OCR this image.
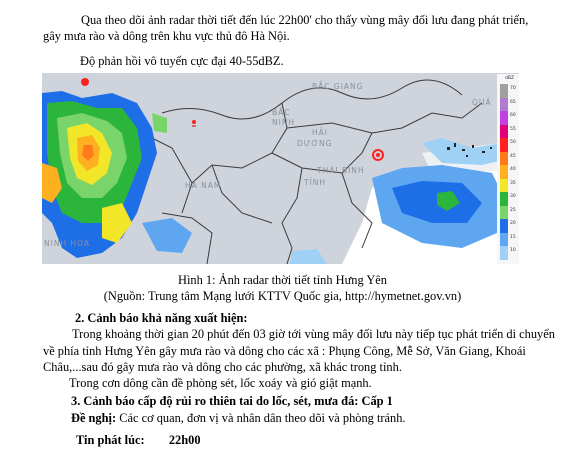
Qua theo dõi ảnh radar thời tiết đến lúc 22h00' cho thấy vùng mây đối lưu đang phát triển,
gây mưa rào và dông trên khu vực thủ đô Hà Nội.
Độ phản hồi vô tuyến cực đại 40-55dBZ.
BẮC GIANG
QUẢ
BẮC
NINH
HẢI
DƯƠNG
HÀ NAM
THÁI BÌNH
TỈNH
NINH HOÀ
dBZ
70
65
60
55
50
45
40
35
30
25
20
15
10
Hình 1: Ảnh radar thời tiết tỉnh Hưng Yên
(Nguồn: Trung tâm Mạng lưới KTTV Quốc gia, http://hymetnet.gov.vn)
2. Cảnh báo khả năng xuất hiện:
Trong khoảng thời gian 20 phút đến 03 giờ tới vùng mây đối lưu này tiếp tục phát triển di chuyển
về phía tỉnh Hưng Yên gây mưa rào và dông cho các xã : Phụng Công, Mễ Sở, Văn Giang, Khoái
Châu,...sau đó gây mưa rào và dông cho các phường, xã khác trong tỉnh.
Trong cơn dông cần đề phòng sét, lốc xoáy và gió giật mạnh.
3. Cảnh báo cấp độ rủi ro thiên tai do lốc, sét, mưa đá: Cấp 1
Đề nghị: Các cơ quan, đơn vị và nhân dân theo dõi và phòng tránh.
Tin phát lúc: 22h00
